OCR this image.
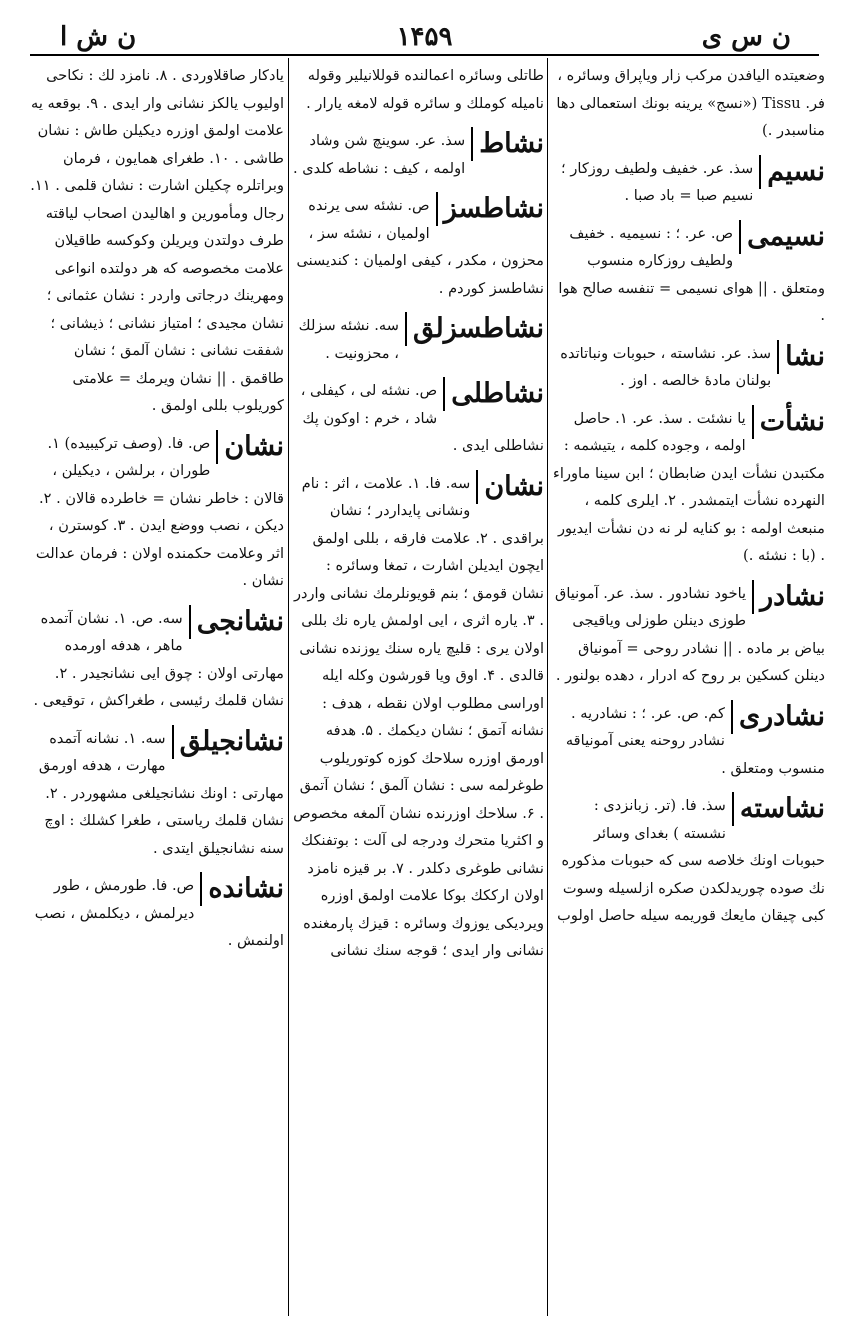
ن ش ا	۱۴۵۹	ن س ی
وضعیتده الیافدن مرکب زار ویاپراق وسائره ، فر. Tissu («نسج» یرینه بونك استعمالی دها مناسبدر .)
نسیم
سذ. عر. خفیف ولطیف روزکار ؛ نسیم صبا = باد صبا .
نسیمی
ص. عر. ؛ : نسیمیه . خفیف ولطیف روزکاره منسوب ومتعلق . || هوای نسیمی = تنفسه صالح هوا .
نشا
سذ. عر. نشاسته ، حبوبات ونباتاتده بولنان مادهٔ خالصه . اوز .
نشأت
یا نشئت . سذ. عر. ۱. حاصل اولمه ، وجوده کلمه ، یتیشمه : مکتبدن نشأت ایدن ضابطان ؛ ابن سینا ماوراء النهرده نشأت ایتمشدر . ۲. ایلری کلمه ، منبعث اولمه : بو کنایه لر نه دن نشأت ایدیور . (با : نشئه .)
نشادر
یاخود نشادور . سذ. عر. آمونیاق طوزی دینلن طوزلی ویاقیجی بیاض بر ماده . || نشادر روحی = آمونیاق دینلن کسکین بر روح که ادرار ، دهده بولنور .
نشادری
کم. ص. عر. ؛ : نشادریه . نشادر روحنه یعنی آمونیاقه منسوب ومتعلق .
نشاسته
سذ. فا. (تر. زبانزدی : نشسته ) بغدای وسائر حبوبات اونك خلاصه سی که حبوبات مذکوره نك صوده چوریدلکدن صکره ازلسیله وسوت کبی چیقان مایعك قوریمه سیله حاصل اولوب
طاتلی وسائره اعمالنده قوللانیلیر وقوله نامیله کوملك و سائره قوله لامغه یارار .
نشاط
سذ. عر. سوینچ شن وشاد اولمه ، کیف : نشاطه کلدی .
نشاطسز
ص. نشئه سی یرنده اولمیان ، نشئه سز ، محزون ، مکدر ، کیفی اولمیان : کندیسنی نشاطسز کوردم .
نشاطسزلق
سه. نشئه سزلك ، محزونیت .
نشاطلی
ص. نشئه لی ، کیفلی ، شاد ، خرم : اوکون پك نشاطلی ایدی .
نشان
سه. فا. ۱. علامت ، اثر : نام ونشانی پایداردر ؛ نشان براقدی . ۲. علامت فارقه ، بللی اولمق ایچون ایدیلن اشارت ، تمغا وسائره : نشان قومق ؛ بنم قویونلرمك نشانی واردر . ۳. یاره اثری ، ایی اولمش یاره نك بللی اولان یری : قلیچ یاره سنك یوزنده نشانی قالدی . ۴. اوق ویا قورشون وکله ایله اوراسی مطلوب اولان نقطه ، هدف : نشانه آتمق ؛ نشان دیکمك . ۵. هدفه اورمق اوزره سلاحك کوزه کوتوریلوب طوغرلمه سی : نشان آلمق ؛ نشان آتمق . ۶. سلاحك اوزرنده نشان آلمغه مخصوص و اکثریا متحرك ودرجه لی آلت : بوتفنکك نشانی طوغری دکلدر . ۷. بر قیزه نامزد اولان ارککك بوکا علامت اولمق اوزره ویردیکی یوزوك وسائره : قیزك پارمغنده نشانی وار ایدی ؛ قوجه سنك نشانی
یادکار صاقلاوردی . ۸. نامزد لك : نکاحی اولیوب یالکز نشانی وار ایدی . ۹. بوقعه یه علامت اولمق اوزره دیکیلن طاش : نشان طاشی . ۱۰. طغرای همایون ، فرمان وبراتلره چکیلن اشارت : نشان قلمی . ۱۱. رجال ومأمورین و اهالیدن اصحاب لیاقته طرف دولتدن ویریلن وکوکسه طاقیلان علامت مخصوصه که هر دولتده انواعی ومهرینك درجاتی واردر : نشان عثمانی ؛ نشان مجیدی ؛ امتیاز نشانی ؛ ذیشانی ؛ شفقت نشانی : نشان آلمق ؛ نشان طاقمق . || نشان ویرمك = علامتی کوریلوب بللی اولمق .
نشان
ص. فا. (وصف ترکیبیده) ۱. طوران ، برلشن ، دیکیلن ، قالان : خاطر نشان = خاطرده قالان . ۲. دیکن ، نصب ووضع ایدن . ۳. کوسترن ، اثر وعلامت حکمنده اولان : فرمان عدالت نشان .
نشانجی
سه. ص. ۱. نشان آتمده ماهر ، هدفه اورمده مهارتی اولان : چوق ایی نشانجیدر . ۲. نشان قلمك رئیسی ، طغراکش ، توقیعی .
نشانجیلق
سه. ۱. نشانه آتمده مهارت ، هدفه اورمق مهارتی : اونك نشانجیلغی مشهوردر . ۲. نشان قلمك ریاستی ، طغرا کشلك : اوچ سنه نشانجیلق ایتدی .
نشانده
ص. فا. طورمش ، طور دیرلمش ، دیکلمش ، نصب اولنمش .
